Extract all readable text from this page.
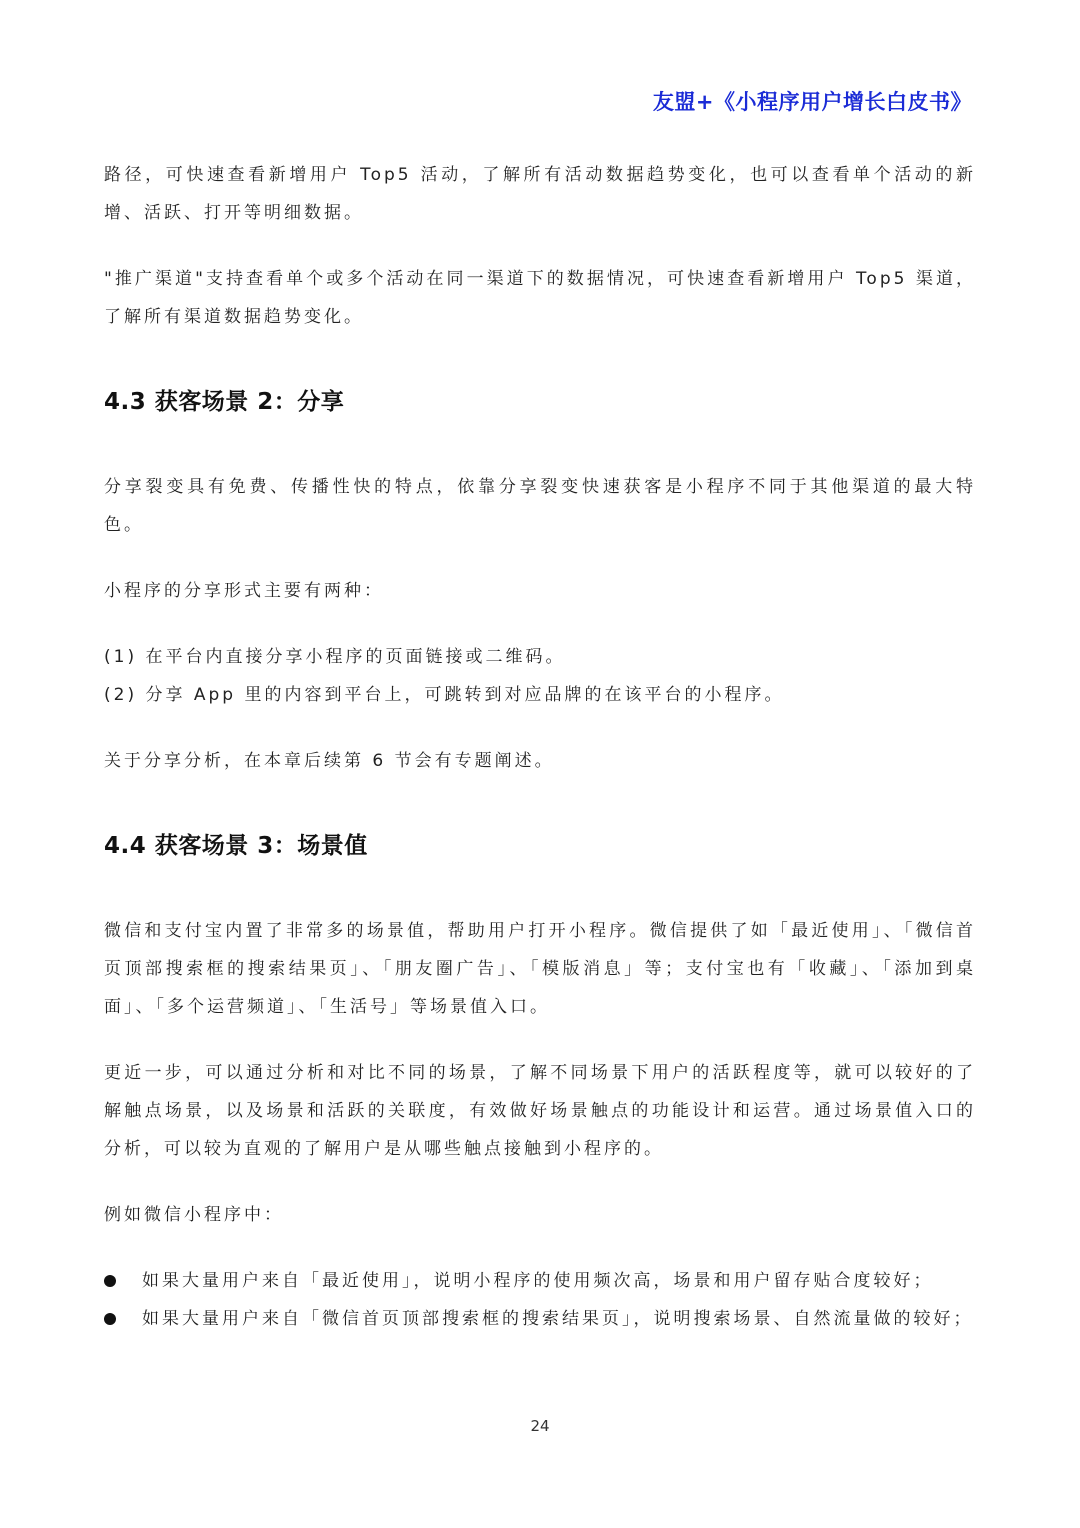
友盟+《小程序用户增长白皮书》

路径，可快速查看新增用户 Top5 活动，了解所有活动数据趋势变化，也可以查看单个活动的新增、活跃、打开等明细数据。

"推广渠道"支持查看单个或多个活动在同一渠道下的数据情况，可快速查看新增用户 Top5 渠道，了解所有渠道数据趋势变化。

4.3 获客场景 2：分享

分享裂变具有免费、传播性快的特点，依靠分享裂变快速获客是小程序不同于其他渠道的最大特色。

小程序的分享形式主要有两种：

(1) 在平台内直接分享小程序的页面链接或二维码。

(2) 分享 App 里的内容到平台上，可跳转到对应品牌的在该平台的小程序。

关于分享分析，在本章后续第 6 节会有专题阐述。

4.4 获客场景 3：场景值

微信和支付宝内置了非常多的场景值，帮助用户打开小程序。微信提供了如「最近使用」、「微信首页顶部搜索框的搜索结果页」、「朋友圈广告」、「模版消息」等；支付宝也有「收藏」、「添加到桌面」、「多个运营频道」、「生活号」等场景值入口。

更近一步，可以通过分析和对比不同的场景，了解不同场景下用户的活跃程度等，就可以较好的了解触点场景，以及场景和活跃的关联度，有效做好场景触点的功能设计和运营。通过场景值入口的分析，可以较为直观的了解用户是从哪些触点接触到小程序的。

例如微信小程序中：

如果大量用户来自「最近使用」，说明小程序的使用频次高，场景和用户留存贴合度较好；
如果大量用户来自「微信首页顶部搜索框的搜索结果页」，说明搜索场景、自然流量做的较好；
24
